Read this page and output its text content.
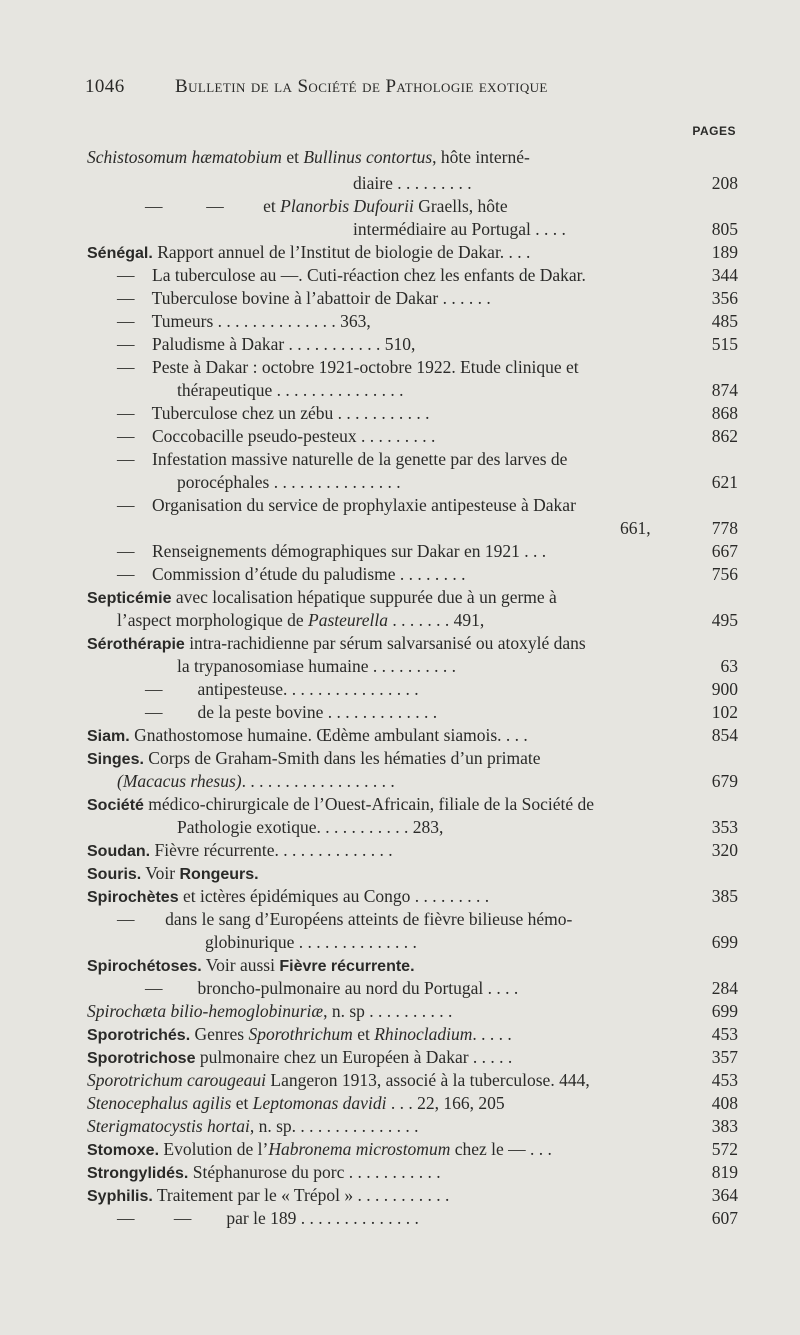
1046	Bulletin de la Société de Pathologie exotique
PAGES
Schistosomum hæmatobium et Bullinus contortus, hôte interné-
diaire . . . . . . . . .	208
—          —         et Planorbis Dufourii Graells, hôte
intermédiaire au Portugal . . . .	805
Sénégal. Rapport annuel de l’Institut de biologie de Dakar. . . .	189
—    La tuberculose au —. Cuti-réaction chez les enfants de Dakar.	344
—    Tuberculose bovine à l’abattoir de Dakar . . . . . .	356
—    Tumeurs . . . . . . . . . . . . . . 363,	485
—    Paludisme à Dakar . . . . . . . . . . . 510,	515
—    Peste à Dakar : octobre 1921-octobre 1922. Etude clinique et
thérapeutique . . . . . . . . . . . . . . .	874
—    Tuberculose chez un zébu . . . . . . . . . . .	868
—    Coccobacille pseudo-pesteux . . . . . . . . .	862
—    Infestation massive naturelle de la genette par des larves de
porocéphales . . . . . . . . . . . . . . .	621
—    Organisation du service de prophylaxie antipesteuse à Dakar
661,	778
—    Renseignements démographiques sur Dakar en 1921 . . .	667
—    Commission d’étude du paludisme . . . . . . . .	756
Septicémie avec localisation hépatique suppurée due à un germe à
l’aspect morphologique de Pasteurella . . . . . . . 491,	495
Sérothérapie intra-rachidienne par sérum salvarsanisé ou atoxylé dans
la trypanosomiase humaine . . . . . . . . . .	63
—        antipesteuse. . . . . . . . . . . . . . . .	900
—        de la peste bovine . . . . . . . . . . . . .	102
Siam. Gnathostomose humaine. Œdème ambulant siamois. . . .	854
Singes. Corps de Graham-Smith dans les hématies d’un primate
(Macacus rhesus). . . . . . . . . . . . . . . . . .	679
Société médico-chirurgicale de l’Ouest-Africain, filiale de la Société de
Pathologie exotique. . . . . . . . . . . 283,	353
Soudan. Fièvre récurrente. . . . . . . . . . . . . .	320
Souris. Voir Rongeurs.
Spirochètes et ictères épidémiques au Congo . . . . . . . . .	385
—       dans le sang d’Européens atteints de fièvre bilieuse hémo-
globinurique . . . . . . . . . . . . . .	699
Spirochétoses. Voir aussi Fièvre récurrente.
—        broncho-pulmonaire au nord du Portugal . . . .	284
Spirochæta bilio-hemoglobinuriæ, n. sp . . . . . . . . . .	699
Sporotrichés. Genres Sporothrichum et Rhinocladium. . . . .	453
Sporotrichose pulmonaire chez un Européen à Dakar . . . . .	357
Sporotrichum carougeaui Langeron 1913, associé à la tuberculose. 444,	453
Stenocephalus agilis et Leptomonas davidi . . . 22, 166, 205	408
Sterigmatocystis hortai, n. sp. . . . . . . . . . . . . . .	383
Stomoxe. Evolution de l’Habronema microstomum chez le — . . .	572
Strongylidés. Stéphanurose du porc . . . . . . . . . . .	819
Syphilis. Traitement par le « Trépol » . . . . . . . . . . .	364
—         —        par le 189 . . . . . . . . . . . . . .	607
